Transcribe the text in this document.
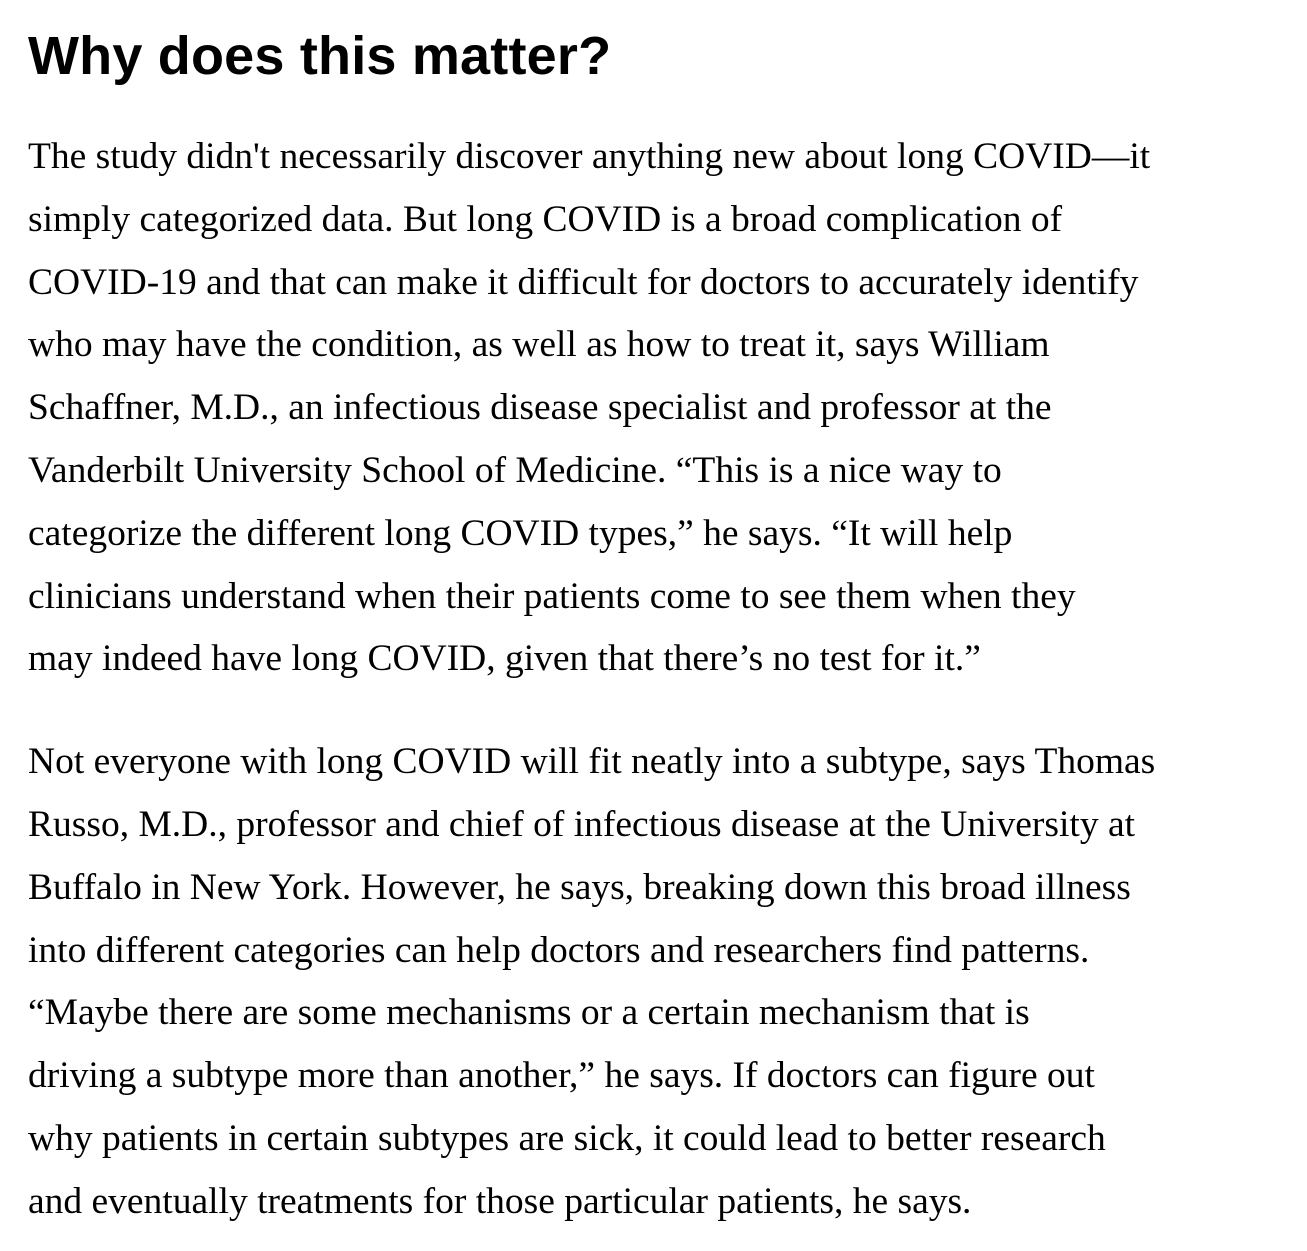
Why does this matter?

The study didn't necessarily discover anything new about long COVID—it
simply categorized data. But long COVID is a broad complication of
COVID-19 and that can make it difficult for doctors to accurately identify
who may have the condition, as well as how to treat it, says William
Schaffner, M.D., an infectious disease specialist and professor at the
Vanderbilt University School of Medicine. “This is a nice way to
categorize the different long COVID types,” he says. “It will help
clinicians understand when their patients come to see them when they
may indeed have long COVID, given that there’s no test for it.”

Not everyone with long COVID will fit neatly into a subtype, says Thomas
Russo, M.D., professor and chief of infectious disease at the University at
Buffalo in New York. However, he says, breaking down this broad illness
into different categories can help doctors and researchers find patterns.
“Maybe there are some mechanisms or a certain mechanism that is
driving a subtype more than another,” he says. If doctors can figure out
why patients in certain subtypes are sick, it could lead to better research
and eventually treatments for those particular patients, he says.
